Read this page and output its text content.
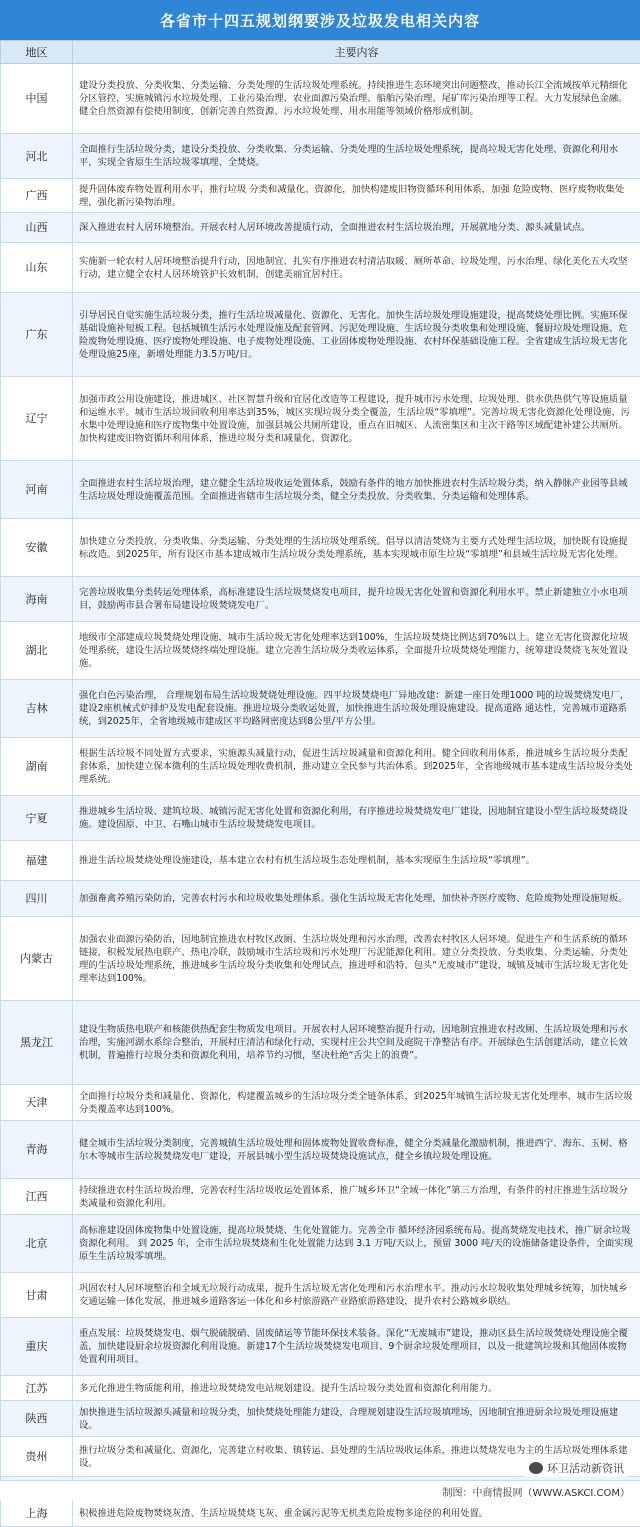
各省市十四五规划纲要涉及垃圾发电相关内容
地区	主要内容
中国	建设分类投放、分类收集、分类运输、分类处理的生活垃圾处理系统。持续推进生态环境突出问题整改，推动长江全流域按单元精细化分区管控，实施城镇污水垃圾处理、工业污染治理、农业面源污染治理、船舶污染治理、尾矿库污染治理等工程。大力发展绿色金融。健全自然资源有偿使用制度，创新完善自然资源、污水垃圾处理、用水用能等领域价格形成机制。
河北	全面推行生活垃圾分类，建设分类投放、分类收集、分类运输、分类处理的生活垃圾处理系统，提高垃圾无害化处理、资源化利用水平，实现全省原生生活垃圾零填埋、全焚烧。
广西	提升固体废弃物处置利用水平，推行垃圾 分类和减量化、资源化，加快构建废旧物资循环利用体系，加强 危险废物、医疗废物收集处理，强化新污染物治理。
山西	深入推进农村人居环境整治。开展农村人居环境改善提质行动，全面推进农村生活垃圾治理，开展就地分类、源头减量试点。
山东	实施新一轮农村人居环境整治提升行动，因地制宜、扎实有序推进农村清洁取暖、厕所革命、垃圾处理、污水治理、绿化美化五大攻坚行动，建立健全农村人居环境管护长效机制，创建美丽宜居村庄。
广东	引导居民自觉实施生活垃圾分类，推行生活垃圾减量化、资源化、无害化。加快生活垃圾处理设施建设，提高焚烧处理比例。实施环保基础设施补短板工程。包括城镇生活污水处理设施及配套管网、污泥处理设施、生活垃圾分类收集和处理设施、餐厨垃圾处理设施、危险废物处理设施、医疗废物处理设施、电子废物处理设施、工业固体废物处理设施、农村环保基础设施工程。全省建成生活垃圾无害化处理设施25座，新增处理能力3.5万吨/日。
辽宁	加强市政公用设施建设，推进城区、社区智慧升级和宜居化改造等工程建设，提升城市污水处理、垃圾处理、供水供热供气等设施质量和运维水平。城市生活垃圾回收利用率达到35%，城区实现垃圾分类全覆盖，生活垃圾“零填埋”。完善垃圾无害化资源化处理设施、污水集中处理设施和医疗废物集中处置设施，加强县城公共厕所建设，重点在旧城区、人流密集区和主次干路等区域配建补建公共厕所。加快构建废旧物资循环利用体系，推进垃圾分类和减量化、资源化。
河南	全面推进农村生活垃圾治理，建立健全生活垃圾收运处置体系，鼓励有条件的地方加快推进农村生活垃圾分类，纳入静脉产业园等县域生活垃圾处理设施覆盖范围。全面推进省辖市生活垃圾分类，健全分类投放、分类收集、分类运输和处理体系。
安徽	加快建立分类投放、分类收集、分类运输、分类处理的生活垃圾处理系统。倡导以清洁焚烧为主要方式处理生活垃圾，加快既有设施提标改造。到2025年，所有设区市基本建成城市生活垃圾分类处理系统，基本实现城市原生垃圾“零填埋”和县域生活垃圾无害化处理。
海南	完善垃圾收集分类转运处理体系，高标准建设生活垃圾焚烧发电项目，提升垃圾无害化处置和资源化利用水平。禁止新建独立小水电项目，鼓励两市县合署布局建设垃圾焚烧发电厂。
湖北	地级市全部建成垃圾焚烧处理设施，城市生活垃圾无害化处理率达到100%，生活垃圾焚烧比例达到70%以上。建立无害化资源化垃圾处理系统，建设生活垃圾焚烧终端处理设施。建立完善生活垃圾分类收运体系，全面提升垃圾焚烧处理能力，统筹建设焚烧飞灰处置设施。
吉林	强化白色污染治理， 合理规划布局生活垃圾焚烧处理设施。四平垃圾焚烧电厂异地改建：新建一座日处理1000 吨的垃圾焚烧发电厂， 建设2座机械式炉排炉及发电配套设施。推进垃圾分类收运处置，加快推进生活垃圾处理设施建设。提高道路 通达性，完善城市道路系统，到2025年，全省地级城市建成区平均路网密度达到8公里/平方公里。
湖南	根据生活垃圾不同处置方式要求，实施源头减量行动，促进生活垃圾减量和资源化利用。健全回收利用体系，推进城乡生活垃圾分类配套体系，加快建立保本微利的生活垃圾处理收费机制，推动建立全民参与共治体系。到2025年，全省地级城市基本建成生活垃圾分类处理系统。
宁夏	推进城乡生活垃圾、建筑垃圾、城镇污泥无害化处置和资源化利用，有序推进垃圾焚烧发电厂建设，因地制宜建设小型生活垃圾焚烧设施。建设固原、中卫、石嘴山城市生活垃圾焚烧发电项目。
福建	推进生活垃圾焚烧处理设施建设，基本建立农村有机生活垃圾生态处理机制，基本实现原生生活垃圾“零填埋”。
四川	加强畜禽养殖污染防治，完善农村污水和垃圾收集处理体系。强化生活垃圾无害化处理，加快补齐医疗废物、危险废物处理设施短板。
内蒙古	加强农业面源污染防治，因地制宜推进农村牧区改厕、生活垃圾处理和污水治理，改善农村牧区人居环境。促进生产和生活系统的循环链接，积极发展热电联产、热电冷联，鼓励城市生活垃圾和污水处理厂污泥能源化利用。建立分类投放、分类收集、分类运输、分类处理的生活垃圾处理系统，推进城乡生活垃圾分类收集和处理试点，推进呼和浩特、包头“无废城市”建设，城镇及城市生活垃圾无害化处理率达到100%。
黑龙江	建设生物质热电联产和核能供热配套生物质发电项目。开展农村人居环境整治提升行动，因地制宜推进农村改厕、生活垃圾处理和污水治理，实施河湖水系综合整治，开展村庄清洁和绿化行动，实现村庄公共空间及庭院干净整洁有序。开展绿色生活创建活动，建立长效机制，普遍推行垃圾分类和资源化利用，培养节约习惯，坚决杜绝“舌尖上的浪费”。
天津	全面推行垃圾分类和减量化、资源化，构建覆盖城乡的生活垃圾分类全链条体系，到2025年城镇生活垃圾无害化处理率、城市生活垃圾分类覆盖率达到100%。
青海	健全城市生活垃圾分类制度，完善城镇生活垃圾处理和固体废物处置收费标准，健全分类减量化激励机制，推进西宁、海东、玉树、格尔木等城市生活垃圾焚烧发电厂建设，开展县城小型生活垃圾焚烧设施试点，健全乡镇垃圾处理设施。
江西	持续推进农村生活垃圾治理，完善农村生活垃圾收运处置体系，推广城乡环卫“全域一体化”第三方治理，有条件的村庄推进生活垃圾分类减量和资源化利用。
北京	高标准建设固体废物集中处置设施，提高垃圾焚烧、生化处置能力。完善全市 循环经济园系统布局。提高焚烧发电技术，推广厨余垃圾资源化利用。 到 2025 年，全市生活垃圾焚烧和生化处置能力达到 3.1 万吨/天以上，预留 3000 吨/天的设施储备建设条件，全面实现原生生活垃圾零填埋。
甘肃	巩固农村人居环境整治和全域无垃圾行动成果，提升生活垃圾无害化处理和污水治理水平。推动污水垃圾收集处理城乡统筹，加快城乡交通运输一体化发展，推进城乡道路客运一体化和乡村旅游路产业路旅游路建设，提升农村公路城乡联结。
重庆	重点发展：垃圾焚烧发电、烟气脱硫脱硝、固废储运等节能环保技术装备。深化“无废城市”建设，推动区县生活垃圾焚烧处理设施全覆盖，加快建设厨余垃圾资源化利用设施。新建17个生活垃圾焚烧发电项目、9个厨余垃圾处理项目，以及一批建筑垃圾和其他固体废物处置利用项目。
江苏	多元化推进生物质能利用，推进垃圾焚烧发电站规划建设。提升生活垃圾分类处置和资源化利用能力。
陕西	加快推进生活垃圾源头减量和垃圾分类，加快焚烧处理能力建设，合理规划建设生活垃圾填埋场，因地制宜推进厨余垃圾处理设施建设。
贵州	推行垃圾分类和减量化、资源化，完善建立村收集、镇转运、县处理的生活垃圾收运体系，推进以焚烧发电为主的生活垃圾处理体系建设。

上海	积极推进危险废物焚烧灰渣、生活垃圾焚烧飞灰、重金属污泥等无机类危险废物多途径的利用处置。
环卫活动新资讯
制图：中商情报网（WWW.ASKCI.COM）
